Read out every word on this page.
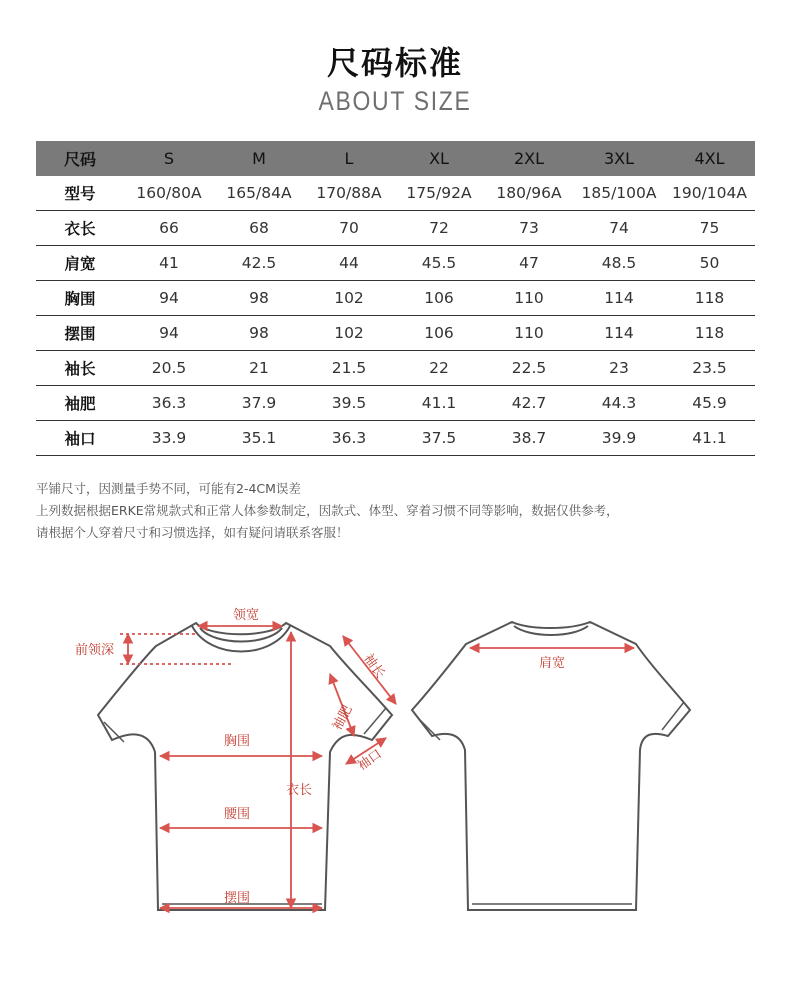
尺码标准
ABOUT SIZE
尺码	S	M	L	XL	2XL	3XL	4XL
型号	160/80A	165/84A	170/88A	175/92A	180/96A	185/100A	190/104A
衣长	66	68	70	72	73	74	75
肩宽	41	42.5	44	45.5	47	48.5	50
胸围	94	98	102	106	110	114	118
摆围	94	98	102	106	110	114	118
袖长	20.5	21	21.5	22	22.5	23	23.5
袖肥	36.3	37.9	39.5	41.1	42.7	44.3	45.9
袖口	33.9	35.1	36.3	37.5	38.7	39.9	41.1
平铺尺寸，因测量手势不同，可能有2-4CM误差
上列数据根据ERKE常规款式和正常人体参数制定，因款式、体型、穿着习惯不同等影响，数据仅供参考，
请根据个人穿着尺寸和习惯选择，如有疑问请联系客服！
领宽
前领深
胸围
腰围
摆围
衣长
袖长
袖肥
袖口
肩宽
